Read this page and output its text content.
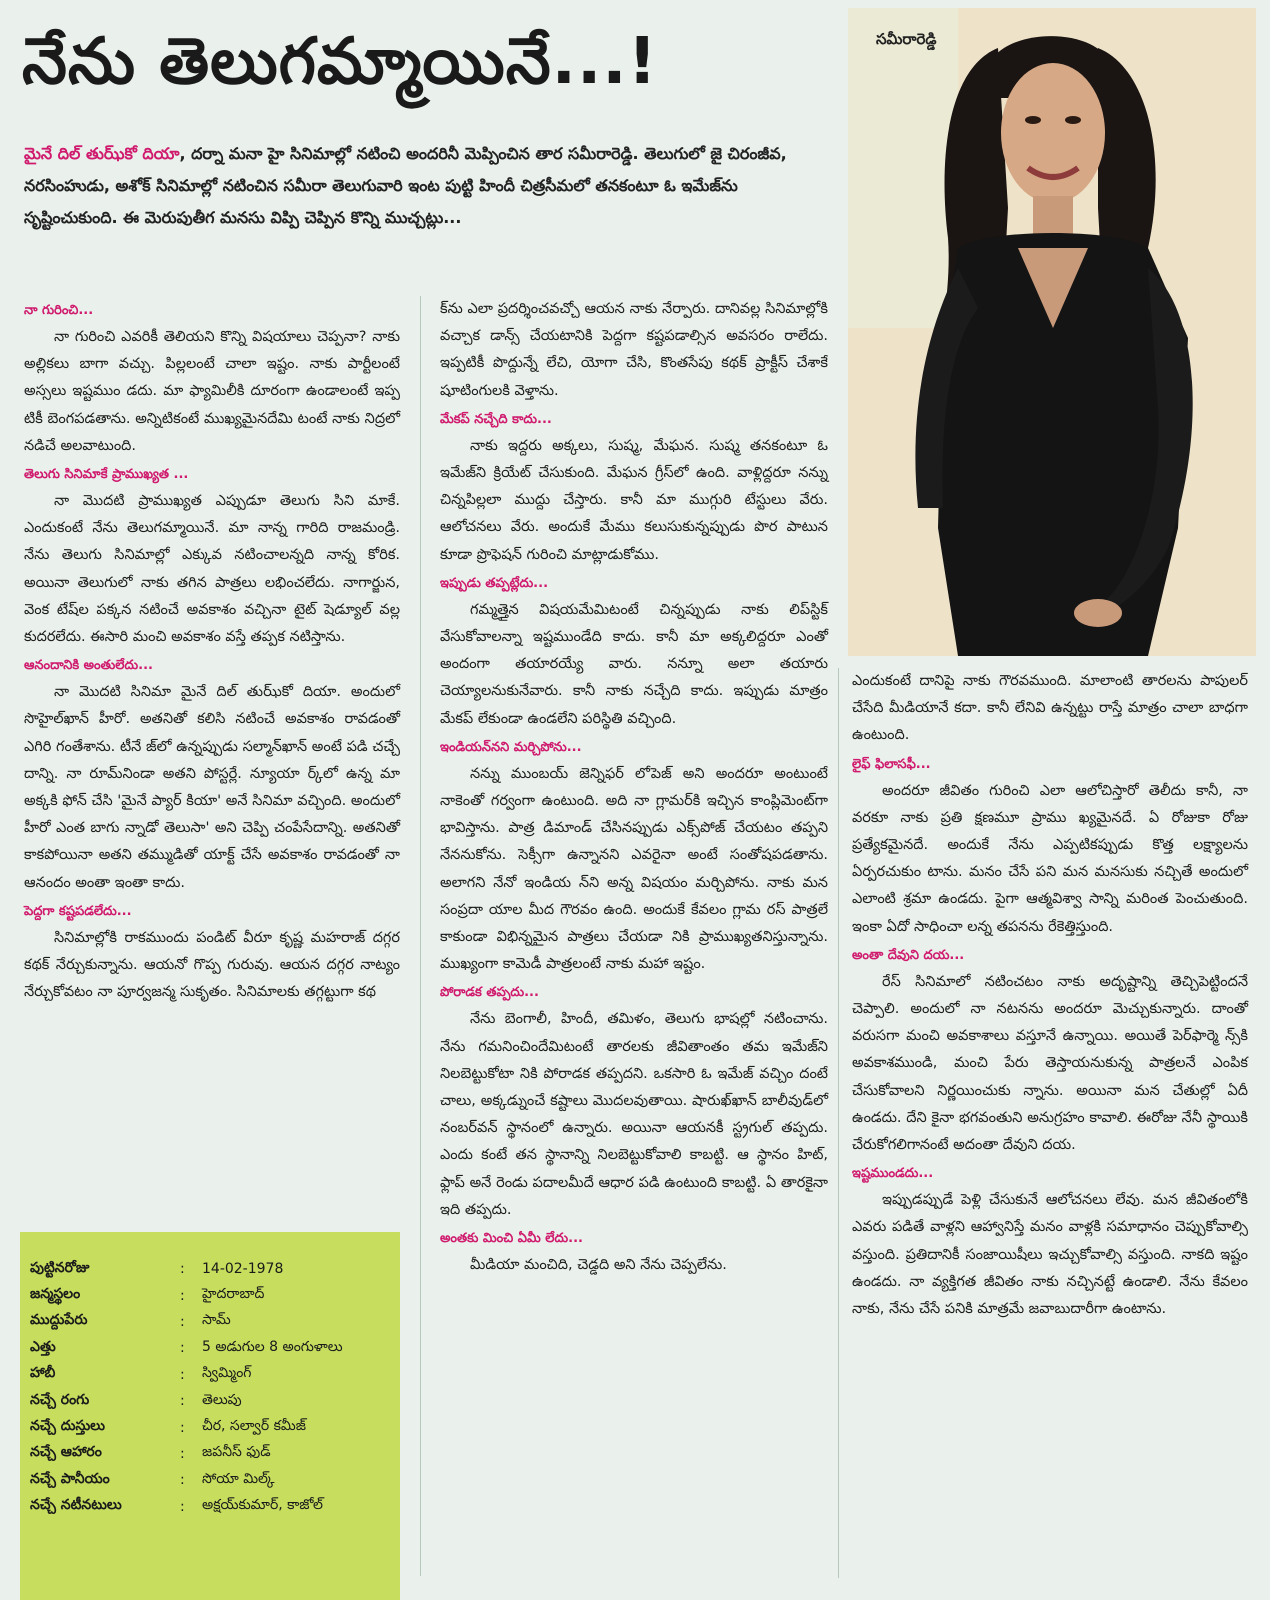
నేను తెలుగమ్మాయినే...!
మైనే దిల్ తుఝ్‌కో దియా, దర్నా మనా హై సినిమాల్లో నటించి అందరినీ మెప్పించిన తార సమీరారెడ్డి. తెలుగులో జై చిరంజీవ, నరసింహుడు, అశోక్ సినిమాల్లో నటించిన సమీరా తెలుగువారి ఇంట పుట్టి హిందీ చిత్రసీమలో తనకంటూ ఓ ఇమేజ్‌ను సృష్టించుకుంది. ఈ మెరుపుతీగ మనసు విప్పి చెప్పిన కొన్ని ముచ్చట్లు...
సమీరారెడ్డి

నా గురించి...

నా గురించి ఎవరికీ తెలియని కొన్ని విషయాలు చెప్పనా? నాకు అల్లికలు బాగా వచ్చు. పిల్లలంటే చాలా ఇష్టం. నాకు పార్టీలంటే అస్సలు ఇష్టముం డదు. మా ఫ్యామిలీకి దూరంగా ఉండాలంటే ఇప్ప టికీ బెంగపడతాను. అన్నిటికంటే ముఖ్యమైనదేమి టంటే నాకు నిద్రలో నడిచే అలవాటుంది.

తెలుగు సినిమాకే ప్రాముఖ్యత ...

నా మొదటి ప్రాముఖ్యత ఎప్పుడూ తెలుగు సిని మాకే. ఎందుకంటే నేను తెలుగమ్మాయినే. మా నాన్న గారిది రాజమండ్రి. నేను తెలుగు సినిమాల్లో ఎక్కువ నటించాలన్నది నాన్న కోరిక. అయినా తెలుగులో నాకు తగిన పాత్రలు లభించలేదు. నాగార్జున, వెంక టేష్‌ల పక్కన నటించే అవకాశం వచ్చినా టైట్ షెడ్యూల్ వల్ల కుదరలేదు. ఈసారి మంచి అవకాశం వస్తే తప్పక నటిస్తాను.

ఆనందానికి అంతులేదు...

నా మొదటి సినిమా మైనే దిల్ తుఝ్‌కో దియా. అందులో సొహైల్‌ఖాన్ హీరో. అతనితో కలిసి నటించే అవకాశం రావడంతో ఎగిరి గంతేశాను. టీనే జ్‌లో ఉన్నప్పుడు సల్మాన్‌ఖాన్ అంటే పడి చచ్చే దాన్ని. నా రూమ్‌నిండా అతని పోస్టర్లే. న్యూయా ర్క్‌లో ఉన్న మా అక్కకి ఫోన్ చేసి 'మైనే ప్యార్ కియా' అనే సినిమా వచ్చింది. అందులో హీరో ఎంత బాగు న్నాడో తెలుసా' అని చెప్పి చంపేసేదాన్ని. అతనితో కాకపోయినా అతని తమ్ముడితో యాక్ట్ చేసే అవకాశం రావడంతో నా ఆనందం అంతా ఇంతా కాదు.

పెద్దగా కష్టపడలేదు...

సినిమాల్లోకి రాకముందు పండిట్ వీరూ కృష్ణ మహరాజ్ దగ్గర కథక్ నేర్చుకున్నాను. ఆయనో గొప్ప గురువు. ఆయన దగ్గర నాట్యం నేర్చుకోవటం నా పూర్వజన్మ సుకృతం. సినిమాలకు తగ్గట్టుగా కథ

క్‌ను ఎలా ప్రదర్శించవచ్చో ఆయన నాకు నేర్పారు. దానివల్ల సినిమాల్లోకి వచ్చాక డాన్స్ చేయటానికి పెద్దగా కష్టపడాల్సిన అవసరం రాలేదు. ఇప్పటికీ పొద్దున్నే లేచి, యోగా చేసి, కొంతసేపు కథక్ ప్రాక్టీస్ చేశాకే షూటింగులకి వెళ్తాను.

మేకప్ నచ్చేది కాదు...

నాకు ఇద్దరు అక్కలు, సుష్మ, మేఘన. సుష్మ తనకంటూ ఓ ఇమేజ్‌ని క్రియేట్ చేసుకుంది. మేఘన గ్రీస్‌లో ఉంది. వాళ్లిద్దరూ నన్ను చిన్నపిల్లలా ముద్దు చేస్తారు. కానీ మా ముగ్గురి టేస్టులు వేరు. ఆలోచనలు వేరు. అందుకే మేము కలుసుకున్నప్పుడు పొర పాటున కూడా ప్రొఫెషన్ గురించి మాట్లాడుకోము.

ఇప్పుడు తప్పట్లేదు...

గమ్మత్తైన విషయమేమిటంటే చిన్నప్పుడు నాకు లిప్‌స్టిక్ వేసుకోవాలన్నా ఇష్టముండేది కాదు. కానీ మా అక్కలిద్దరూ ఎంతో అందంగా తయారయ్యే వారు. నన్నూ అలా తయారు చెయ్యాలనుకునేవారు. కానీ నాకు నచ్చేది కాదు. ఇప్పుడు మాత్రం మేకప్ లేకుండా ఉండలేని పరిస్థితి వచ్చింది.

ఇండియన్‌నని మర్చిపోను...

నన్ను ముంబయ్ జెన్నిఫర్ లోపెజ్ అని అందరూ అంటుంటే నాకెంతో గర్వంగా ఉంటుంది. అది నా గ్లామర్‌కి ఇచ్చిన కాంప్లిమెంట్‌గా భావిస్తాను. పాత్ర డిమాండ్ చేసినప్పుడు ఎక్స్‌పోజ్ చేయటం తప్పని నేననుకోను. సెక్సీగా ఉన్నానని ఎవరైనా అంటే సంతోషపడతాను. అలాగని నేనో ఇండియ న్‌ని అన్న విషయం మర్చిపోను. నాకు మన సంప్రదా యాల మీద గౌరవం ఉంది. అందుకే కేవలం గ్లామ రస్ పాత్రలే కాకుండా విభిన్నమైన పాత్రలు చేయడా నికి ప్రాముఖ్యతనిస్తున్నాను. ముఖ్యంగా కామెడీ పాత్రలంటే నాకు మహా ఇష్టం.

పోరాడక తప్పదు...

నేను బెంగాలీ, హిందీ, తమిళం, తెలుగు భాషల్లో నటించాను. నేను గమనించిందేమిటంటే తారలకు జీవితాంతం తమ ఇమేజ్‌ని నిలబెట్టుకోటా నికి పోరాడక తప్పదని. ఒకసారి ఓ ఇమేజ్ వచ్చిం దంటే చాలు, అక్కడ్నుంచే కష్టాలు మొదలవుతాయి. షారుఖ్‌ఖాన్ బాలీవుడ్‌లో నంబర్‌వన్ స్థానంలో ఉన్నారు. అయినా ఆయనకీ స్ట్రగుల్ తప్పదు. ఎందు కంటే తన స్థానాన్ని నిలబెట్టుకోవాలి కాబట్టి. ఆ స్థానం హిట్, ఫ్లాప్ అనే రెండు పదాలమీదే ఆధార పడి ఉంటుంది కాబట్టి. ఏ తారకైనా ఇది తప్పదు.

అంతకు మించి ఏమీ లేదు...

మీడియా మంచిది, చెడ్డది అని నేను చెప్పలేను.

ఎందుకంటే దానిపై నాకు గౌరవముంది. మాలాంటి తారలను పాపులర్ చేసేది మీడియానే కదా. కానీ లేనివి ఉన్నట్టు రాస్తే మాత్రం చాలా బాధగా ఉంటుంది.

లైఫ్ ఫిలాసఫీ...

అందరూ జీవితం గురించి ఎలా ఆలోచిస్తారో తెలీదు కానీ, నా వరకూ నాకు ప్రతి క్షణమూ ప్రాము ఖ్యమైనదే. ఏ రోజుకా రోజు ప్రత్యేకమైనదే. అందుకే నేను ఎప్పటికప్పుడు కొత్త లక్ష్యాలను ఏర్పరచుకుం టాను. మనం చేసే పని మన మనసుకు నచ్చితే అందులో ఎలాంటి శ్రమా ఉండదు. పైగా ఆత్మవిశ్వా సాన్ని మరింత పెంచుతుంది. ఇంకా ఏదో సాధించా లన్న తపనను రేకెత్తిస్తుంది.

అంతా దేవుని దయ...

రేస్ సినిమాలో నటించటం నాకు అదృష్టాన్ని తెచ్చిపెట్టిందనే చెప్పాలి. అందులో నా నటనను అందరూ మెచ్చుకున్నారు. దాంతో వరుసగా మంచి అవకాశాలు వస్తూనే ఉన్నాయి. అయితే పెర్‌ఫార్మె న్స్‌కి అవకాశముండి, మంచి పేరు తెస్తాయనుకున్న పాత్రలనే ఎంపిక చేసుకోవాలని నిర్ణయించుకు న్నాను. అయినా మన చేతుల్లో ఏదీ ఉండదు. దేని కైనా భగవంతుని అనుగ్రహం కావాలి. ఈరోజు నేనీ స్థాయికి చేరుకోగలిగానంటే అదంతా దేవుని దయ.

ఇష్టముండదు...

ఇప్పుడప్పుడే పెళ్లి చేసుకునే ఆలోచనలు లేవు. మన జీవితంలోకి ఎవరు పడితే వాళ్లని ఆహ్వానిస్తే మనం వాళ్లకి సమాధానం చెప్పుకోవాల్సి వస్తుంది. ప్రతిదానికీ సంజాయిషీలు ఇచ్చుకోవాల్సి వస్తుంది. నాకది ఇష్టం ఉండదు. నా వ్యక్తిగత జీవితం నాకు నచ్చినట్టే ఉండాలి. నేను కేవలం నాకు, నేను చేసే పనికి మాత్రమే జవాబుదారీగా ఉంటాను.

పుట్టినరోజు	:	14-02-1978
జన్మస్థలం	:	హైదరాబాద్
ముద్దుపేరు	:	సామ్
ఎత్తు	:	5 అడుగుల 8 అంగుళాలు
హాబీ	:	స్విమ్మింగ్
నచ్చే రంగు	:	తెలుపు
నచ్చే దుస్తులు	:	చీర, సల్వార్ కమీజ్
నచ్చే ఆహారం	:	జపనీస్ ఫుడ్
నచ్చే పానీయం	:	సోయా మిల్క్
నచ్చే నటీనటులు	:	అక్షయ్‌కుమార్, కాజోల్
